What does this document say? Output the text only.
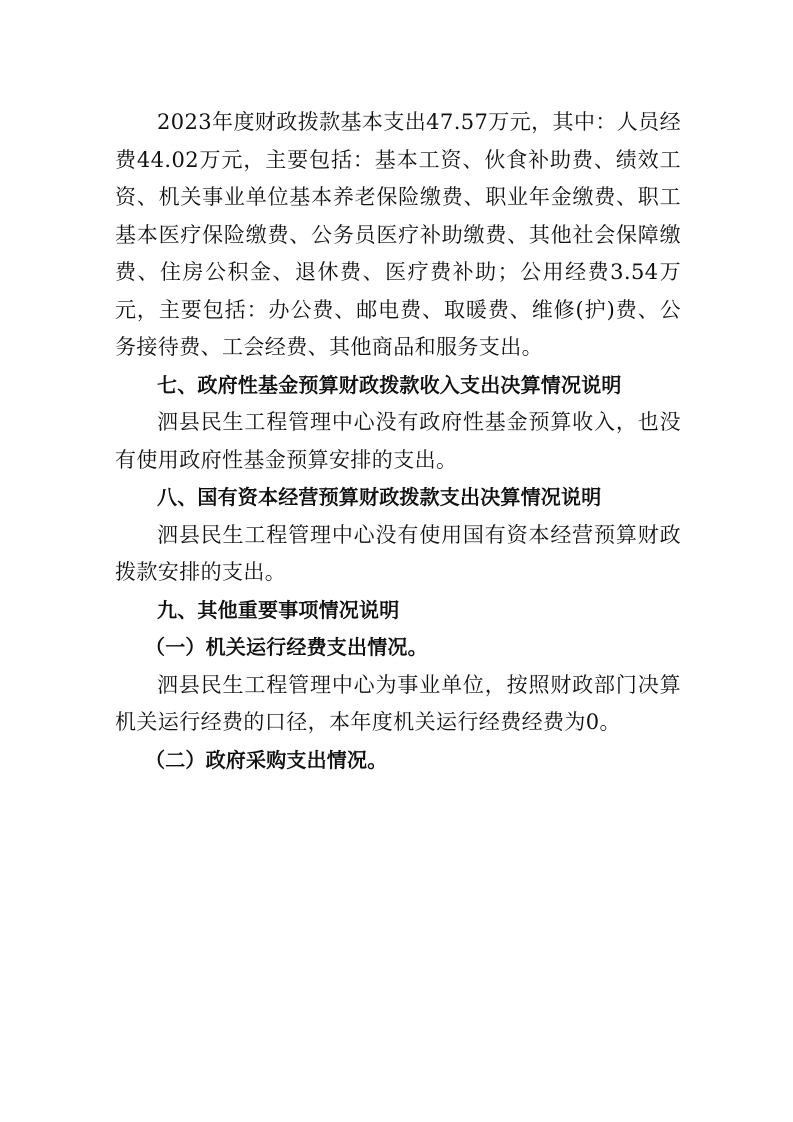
2023年度财政拨款基本支出47.57万元，其中：人员经费44.02万元，主要包括：基本工资、伙食补助费、绩效工资、机关事业单位基本养老保险缴费、职业年金缴费、职工基本医疗保险缴费、公务员医疗补助缴费、其他社会保障缴费、住房公积金、退休费、医疗费补助；公用经费3.54万元，主要包括：办公费、邮电费、取暖费、维修(护)费、公务接待费、工会经费、其他商品和服务支出。

七、政府性基金预算财政拨款收入支出决算情况说明

泗县民生工程管理中心没有政府性基金预算收入，也没有使用政府性基金预算安排的支出。

八、国有资本经营预算财政拨款支出决算情况说明

泗县民生工程管理中心没有使用国有资本经营预算财政拨款安排的支出。

九、其他重要事项情况说明

（一）机关运行经费支出情况。

泗县民生工程管理中心为事业单位，按照财政部门决算机关运行经费的口径，本年度机关运行经费经费为0。

（二）政府采购支出情况。
